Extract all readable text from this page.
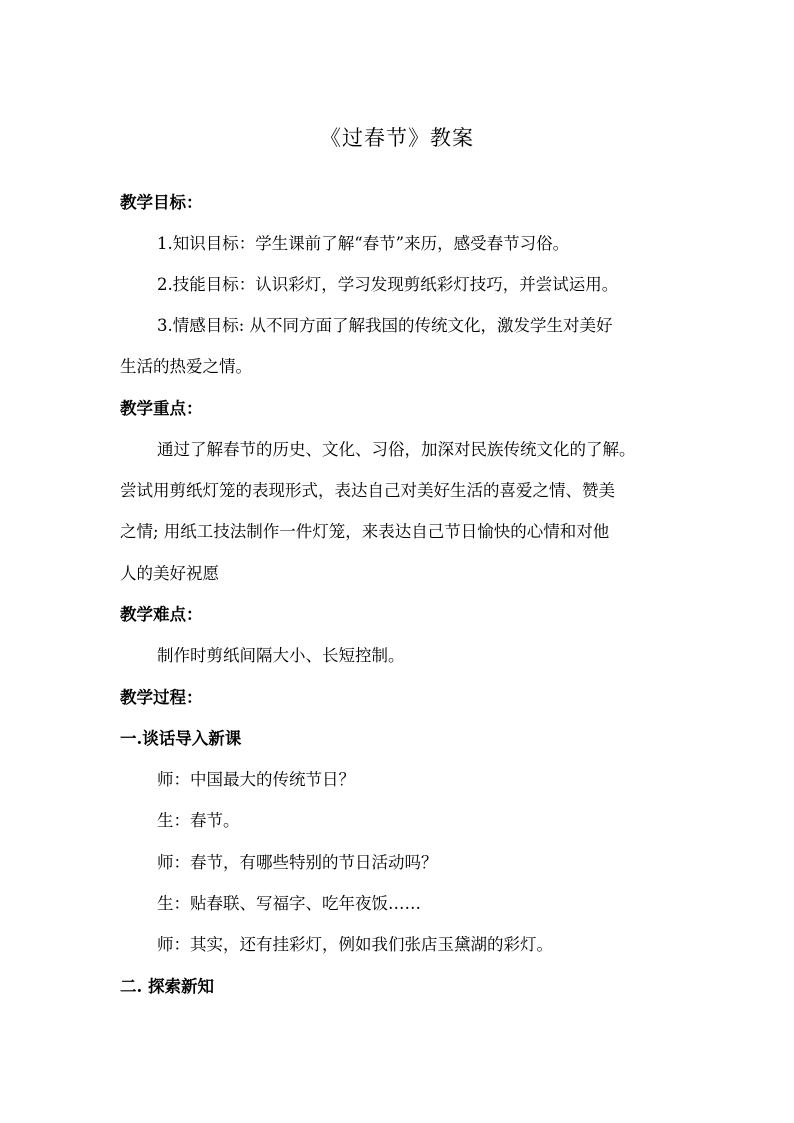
《过春节》教案
教学目标：
1.知识目标：学生课前了解“春节”来历，感受春节习俗。
2.技能目标：认识彩灯，学习发现剪纸彩灯技巧，并尝试运用。
3.情感目标: 从不同方面了解我国的传统文化，激发学生对美好
生活的热爱之情。
教学重点：
通过了解春节的历史、文化、习俗，加深对民族传统文化的了解。
尝试用剪纸灯笼的表现形式，表达自己对美好生活的喜爱之情、赞美
之情; 用纸工技法制作一件灯笼，来表达自己节日愉快的心情和对他
人的美好祝愿
教学难点：
制作时剪纸间隔大小、长短控制。
教学过程：
一.谈话导入新课
师：中国最大的传统节日？
生：春节。
师：春节，有哪些特别的节日活动吗？
生：贴春联、写福字、吃年夜饭……
师：其实，还有挂彩灯，例如我们张店玉黛湖的彩灯。
二. 探索新知
